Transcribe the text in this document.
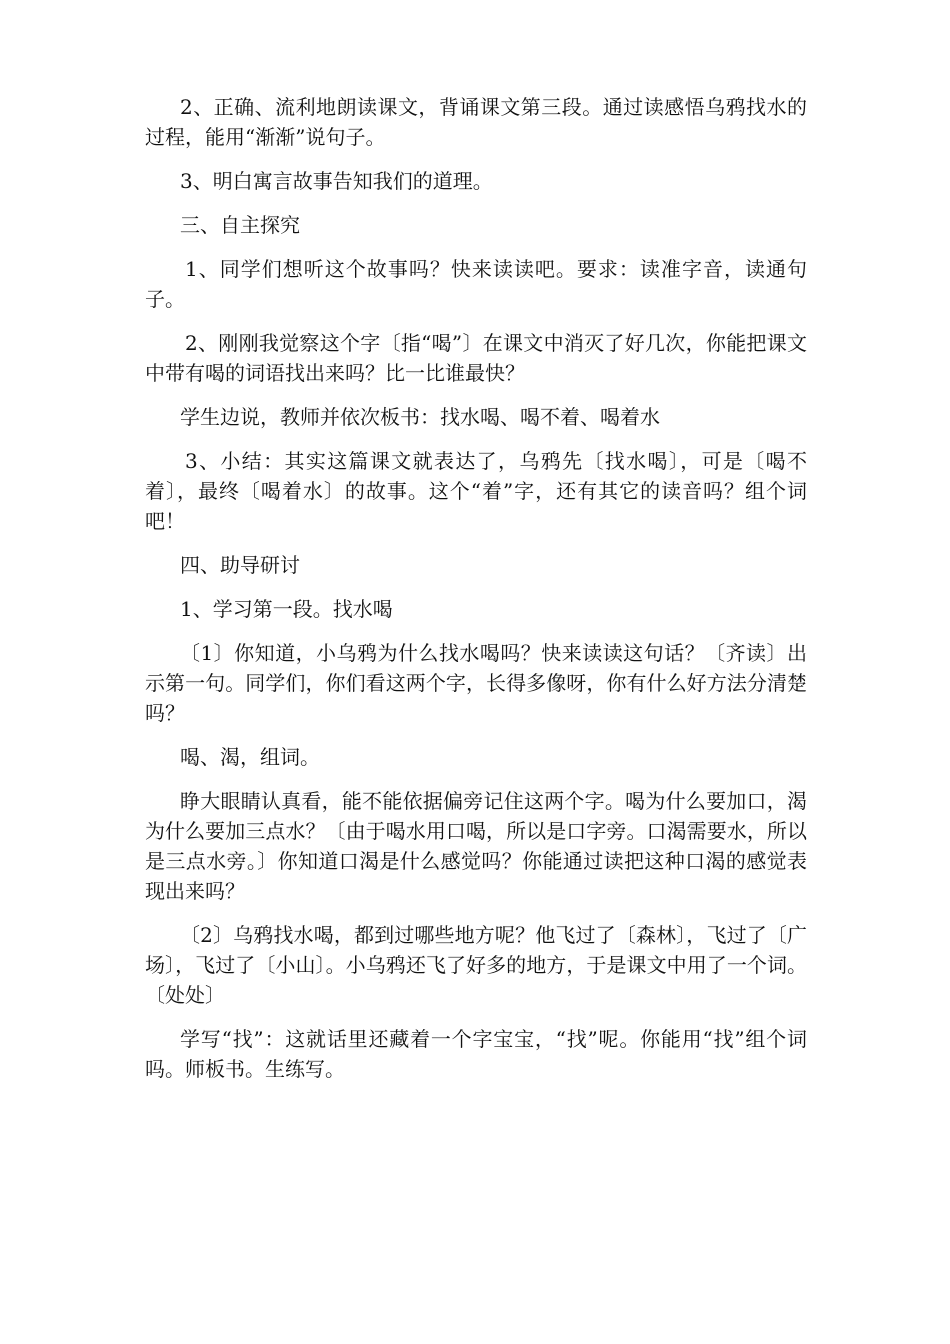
2、正确、流利地朗读课文，背诵课文第三段。通过读感悟乌鸦找水的过程，能用“渐渐”说句子。

3、明白寓言故事告知我们的道理。

三、自主探究

1、同学们想听这个故事吗？快来读读吧。要求：读准字音，读通句子。

2、刚刚我觉察这个字〔指“喝”〕在课文中消灭了好几次，你能把课文中带有喝的词语找出来吗？比一比谁最快？

学生边说，教师并依次板书：找水喝、喝不着、喝着水

3、小结：其实这篇课文就表达了，乌鸦先〔找水喝〕，可是〔喝不着〕，最终〔喝着水〕的故事。这个“着”字，还有其它的读音吗？组个词吧！

四、助导研讨

1、学习第一段。找水喝

〔1〕你知道，小乌鸦为什么找水喝吗？快来读读这句话？〔齐读〕出示第一句。同学们，你们看这两个字，长得多像呀，你有什么好方法分清楚吗？

喝、渴，组词。

睁大眼睛认真看，能不能依据偏旁记住这两个字。喝为什么要加口，渴为什么要加三点水？〔由于喝水用口喝，所以是口字旁。口渴需要水，所以是三点水旁。〕你知道口渴是什么感觉吗？你能通过读把这种口渴的感觉表现出来吗？

〔2〕乌鸦找水喝，都到过哪些地方呢？他飞过了〔森林〕，飞过了〔广场〕，飞过了〔小山〕。小乌鸦还飞了好多的地方，于是课文中用了一个词。〔处处〕

学写“找”：这就话里还藏着一个字宝宝，“找”呢。你能用“找”组个词吗。师板书。生练写。
